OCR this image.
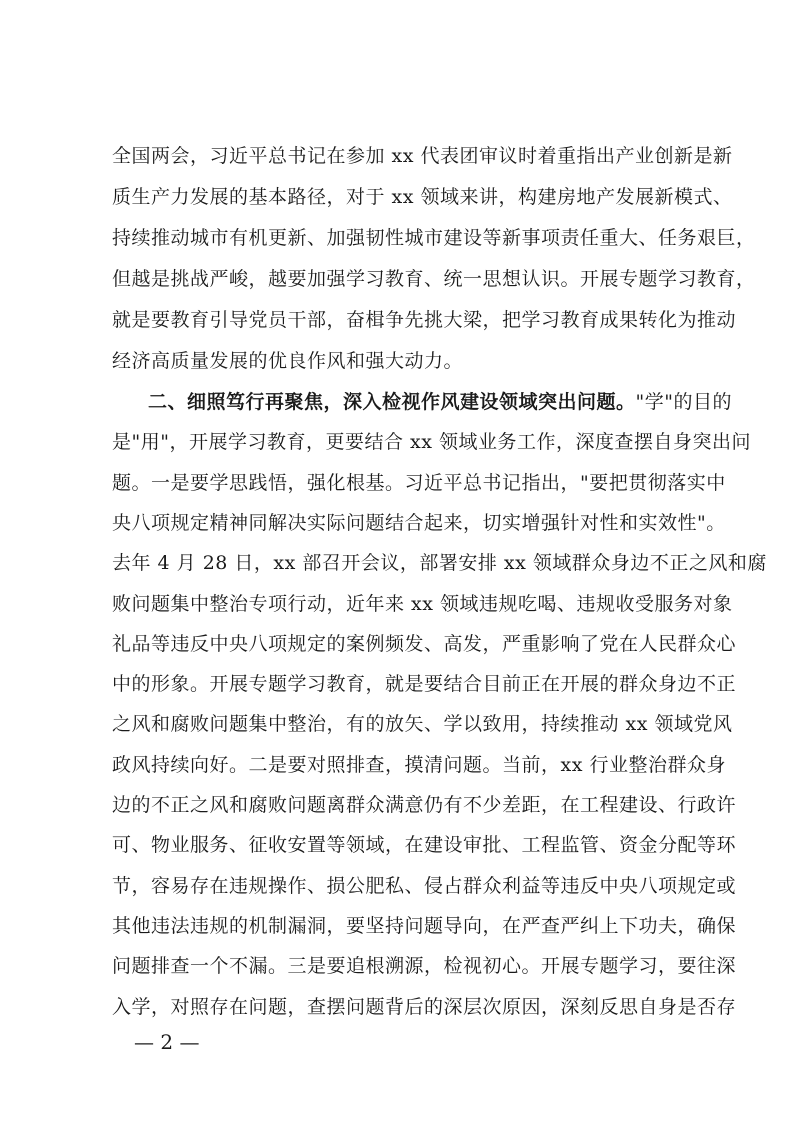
全国两会，习近平总书记在参加 xx 代表团审议时着重指出产业创新是新
质生产力发展的基本路径，对于 xx 领域来讲，构建房地产发展新模式、
持续推动城市有机更新、加强韧性城市建设等新事项责任重大、任务艰巨，
但越是挑战严峻，越要加强学习教育、统一思想认识。开展专题学习教育，
就是要教育引导党员干部，奋楫争先挑大梁，把学习教育成果转化为推动
经济高质量发展的优良作风和强大动力。
二、细照笃行再聚焦，深入检视作风建设领域突出问题。"学"的目的
是"用"，开展学习教育，更要结合 xx 领域业务工作，深度查摆自身突出问
题。一是要学思践悟，强化根基。习近平总书记指出，"要把贯彻落实中
央八项规定精神同解决实际问题结合起来，切实增强针对性和实效性"。
去年 4 月 28 日，xx 部召开会议，部署安排 xx 领域群众身边不正之风和腐
败问题集中整治专项行动，近年来 xx 领域违规吃喝、违规收受服务对象
礼品等违反中央八项规定的案例频发、高发，严重影响了党在人民群众心
中的形象。开展专题学习教育，就是要结合目前正在开展的群众身边不正
之风和腐败问题集中整治，有的放矢、学以致用，持续推动 xx 领域党风
政风持续向好。二是要对照排查，摸清问题。当前，xx 行业整治群众身
边的不正之风和腐败问题离群众满意仍有不少差距，在工程建设、行政许
可、物业服务、征收安置等领域，在建设审批、工程监管、资金分配等环
节，容易存在违规操作、损公肥私、侵占群众利益等违反中央八项规定或
其他违法违规的机制漏洞，要坚持问题导向，在严查严纠上下功夫，确保
问题排查一个不漏。三是要追根溯源，检视初心。开展专题学习，要往深
入学，对照存在问题，查摆问题背后的深层次原因，深刻反思自身是否存
— 2 —
